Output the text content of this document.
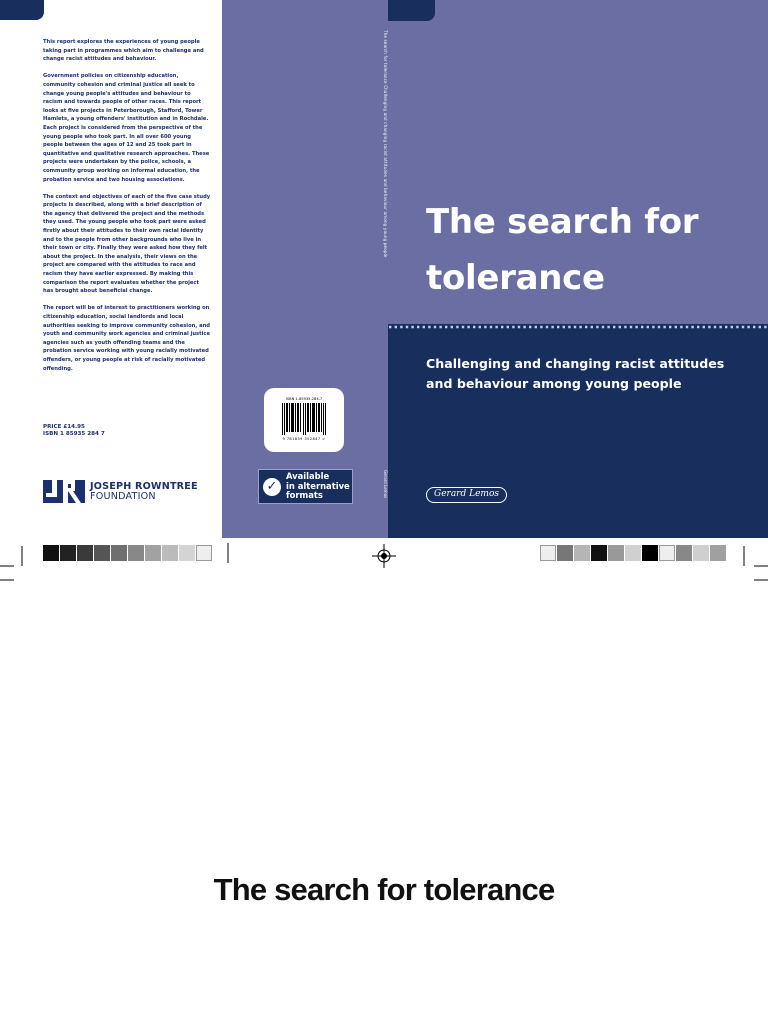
This report explores the experiences of young people taking part in programmes which aim to challenge and change racist attitudes and behaviour.

Government policies on citizenship education, community cohesion and criminal justice all seek to change young people's attitudes and behaviour to racism and towards people of other races. This report looks at five projects in Peterborough, Stafford, Tower Hamlets, a young offenders' institution and in Rochdale. Each project is considered from the perspective of the young people who took part. In all over 600 young people between the ages of 12 and 25 took part in quantitative and qualitative research approaches. These projects were undertaken by the police, schools, a community group working on informal education, the probation service and two housing associations.

The context and objectives of each of the five case study projects is described, along with a brief description of the agency that delivered the project and the methods they used. The young people who took part were asked firstly about their attitudes to their own racial identity and to the people from other backgrounds who live in their town or city. Finally they were asked how they felt about the project. In the analysis, their views on the project are compared with the attitudes to race and racism they have earlier expressed. By making this comparison the report evaluates whether the project has brought about beneficial change.

The report will be of interest to practitioners working on citizenship education, social landlords and local authorities seeking to improve community cohesion, and youth and community work agencies and criminal justice agencies such as youth offending teams and the probation service working with young racially motivated offenders, or young people at risk of racially motivated offending.

PRICE £14.95
ISBN 1 85935 284 7
JOSEPH ROWNTREE
FOUNDATION
The search for tolerance Challenging and changing racist attitudes and behaviour among young people
Gerard Lemos
ISBN 1-85935-284-7
9 781859 352847 >
✓
Available
in alternative
formats
The search for
tolerance
Challenging and changing racist attitudes
and behaviour among young people
Gerard Lemos
The search for tolerance
